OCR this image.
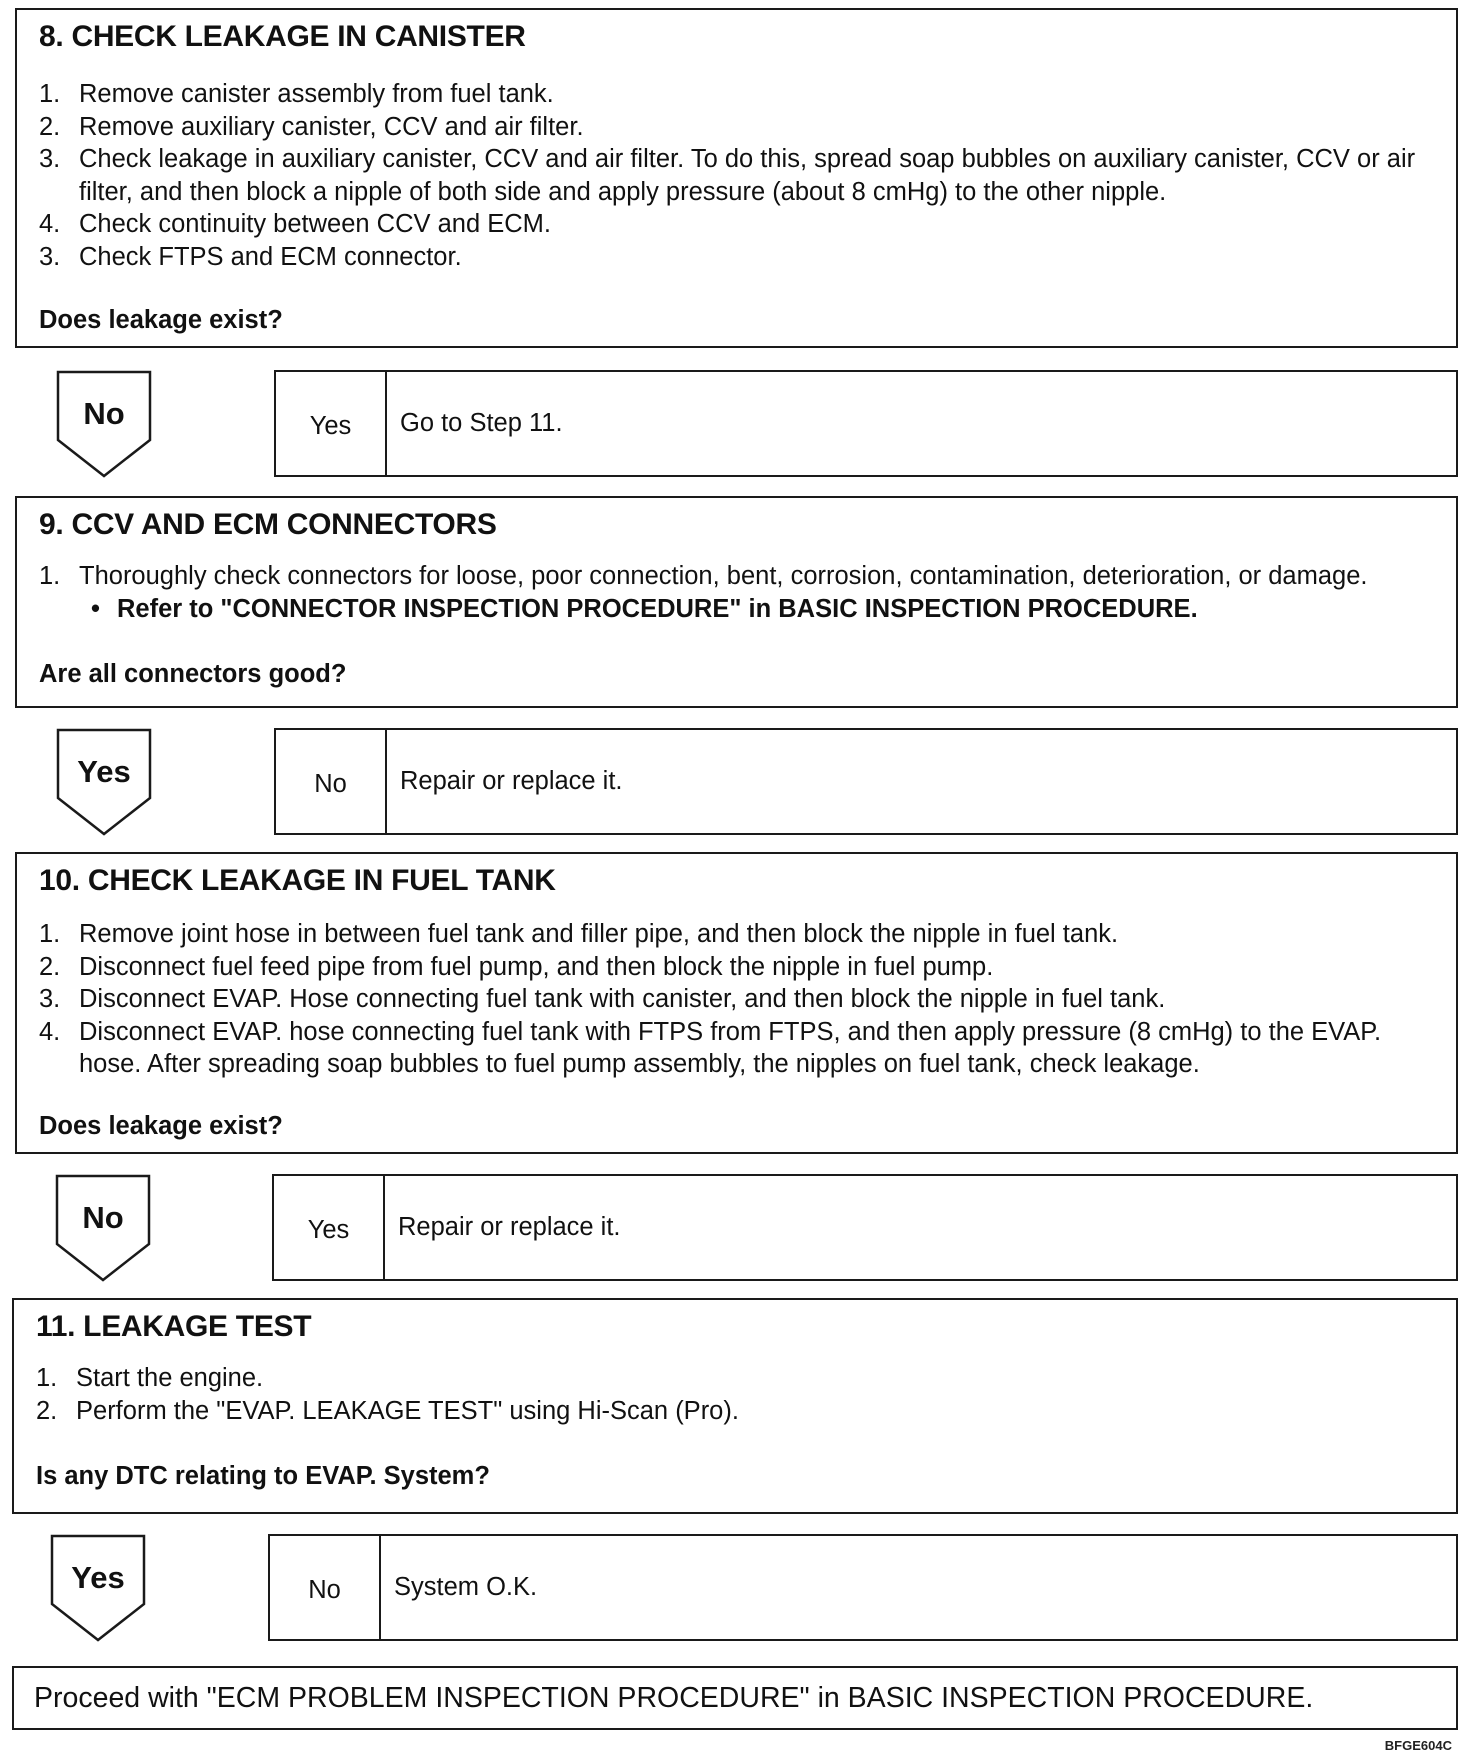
8. CHECK LEAKAGE IN CANISTER
1. Remove canister assembly from fuel tank.
2. Remove auxiliary canister, CCV and air filter.
3. Check leakage in auxiliary canister, CCV and air filter. To do this, spread soap bubbles on auxiliary canister, CCV or air filter, and then block a nipple of both side and apply pressure (about 8 cmHg) to the other nipple.
4. Check continuity between CCV and ECM.
3. Check FTPS and ECM connector.
Does leakage exist?
No	Yes	Go to Step 11.
9. CCV AND ECM CONNECTORS
1. Thoroughly check connectors for loose, poor connection, bent, corrosion, contamination, deterioration, or damage.
• Refer to "CONNECTOR INSPECTION PROCEDURE" in BASIC INSPECTION PROCEDURE.
Are all connectors good?
Yes	No	Repair or replace it.
10. CHECK LEAKAGE IN FUEL TANK
1. Remove joint hose in between fuel tank and filler pipe, and then block the nipple in fuel tank.
2. Disconnect fuel feed pipe from fuel pump, and then block the nipple in fuel pump.
3. Disconnect EVAP. Hose connecting fuel tank with canister, and then block the nipple in fuel tank.
4. Disconnect EVAP. hose connecting fuel tank with FTPS from FTPS, and then apply pressure (8 cmHg) to the EVAP. hose. After spreading soap bubbles to fuel pump assembly, the nipples on fuel tank, check leakage.
Does leakage exist?
No	Yes	Repair or replace it.
11. LEAKAGE TEST
1. Start the engine.
2. Perform the "EVAP. LEAKAGE TEST" using Hi-Scan (Pro).
Is any DTC relating to EVAP. System?
Yes	No	System O.K.
Proceed with "ECM PROBLEM INSPECTION PROCEDURE" in BASIC INSPECTION PROCEDURE.
BFGE604C
